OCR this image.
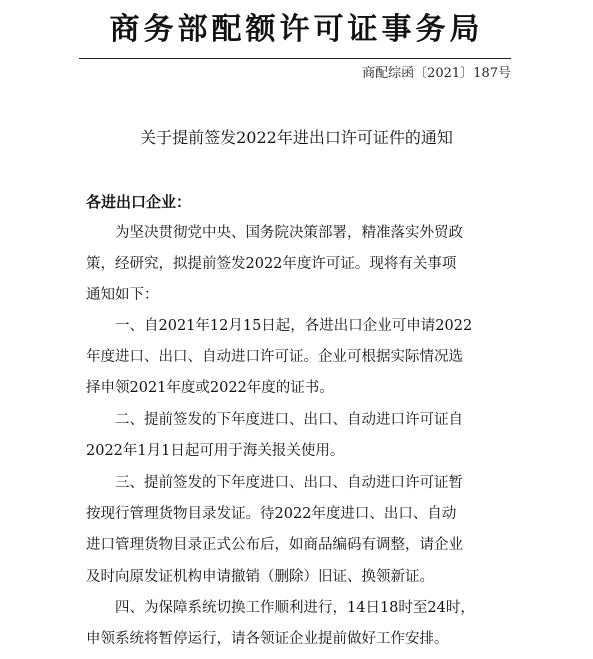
商务部配额许可证事务局
商配综函〔2021〕187号
关于提前签发2022年进出口许可证件的通知
各进出口企业：
为坚决贯彻党中央、国务院决策部署，精准落实外贸政
策，经研究，拟提前签发2022年度许可证。现将有关事项
通知如下：
一、自2021年12月15日起，各进出口企业可申请2022
年度进口、出口、自动进口许可证。企业可根据实际情况选
择申领2021年度或2022年度的证书。
二、提前签发的下年度进口、出口、自动进口许可证自
2022年1月1日起可用于海关报关使用。
三、提前签发的下年度进口、出口、自动进口许可证暂
按现行管理货物目录发证。待2022年度进口、出口、自动
进口管理货物目录正式公布后，如商品编码有调整，请企业
及时向原发证机构申请撤销（删除）旧证、换领新证。
四、为保障系统切换工作顺利进行，14日18时至24时，
申领系统将暂停运行，请各领证企业提前做好工作安排。
